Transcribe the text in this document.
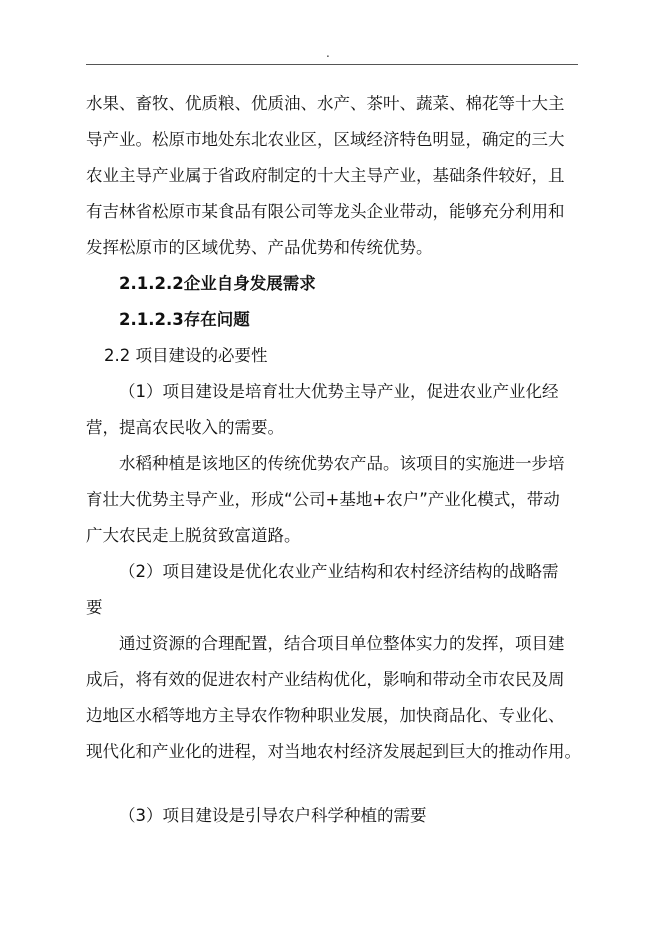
.
水果、畜牧、优质粮、优质油、水产、茶叶、蔬菜、棉花等十大主
导产业。松原市地处东北农业区，区域经济特色明显，确定的三大
农业主导产业属于省政府制定的十大主导产业，基础条件较好，且
有吉林省松原市某食品有限公司等龙头企业带动，能够充分利用和
发挥松原市的区域优势、产品优势和传统优势。
2.1.2.2企业自身发展需求
2.1.2.3存在问题
2.2 项目建设的必要性
（1）项目建设是培育壮大优势主导产业，促进农业产业化经
营，提高农民收入的需要。
水稻种植是该地区的传统优势农产品。该项目的实施进一步培
育壮大优势主导产业，形成“公司+基地+农户”产业化模式，带动
广大农民走上脱贫致富道路。
（2）项目建设是优化农业产业结构和农村经济结构的战略需
要
通过资源的合理配置，结合项目单位整体实力的发挥，项目建
成后，将有效的促进农村产业结构优化，影响和带动全市农民及周
边地区水稻等地方主导农作物种职业发展，加快商品化、专业化、
现代化和产业化的进程，对当地农村经济发展起到巨大的推动作用。
（3）项目建设是引导农户科学种植的需要
